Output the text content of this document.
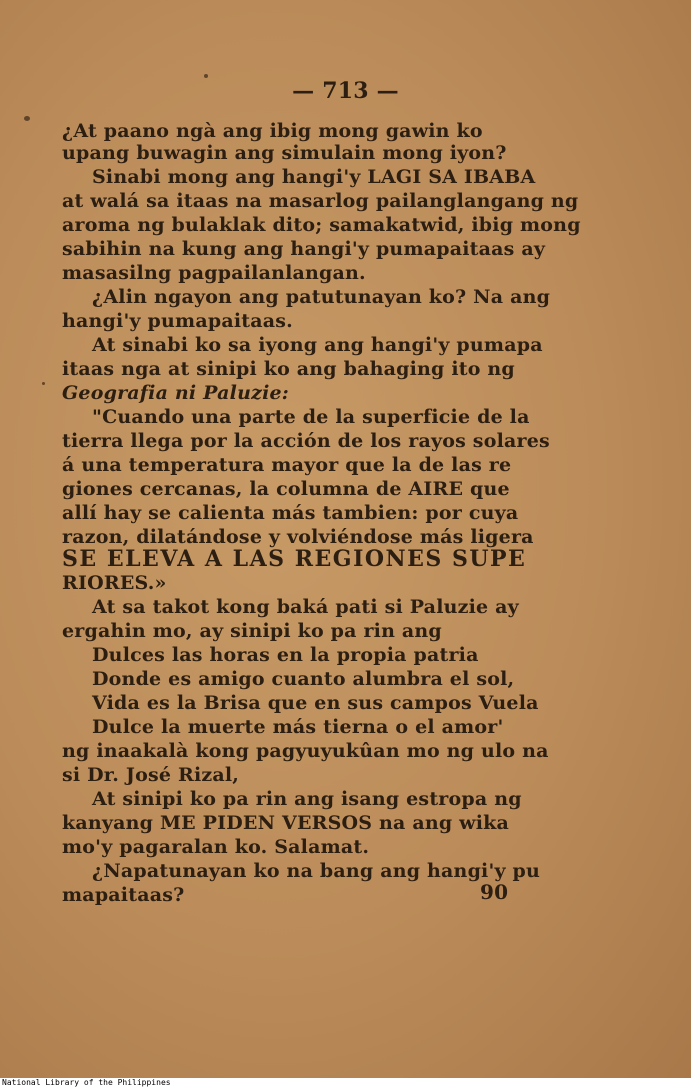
— 713 —
¿At paano ngà ang ibig mong gawin ko
upang buwagin ang simulain mong iyon?
Sinabi mong ang hangi'y LAGI SA IBABA
at walá sa itaas na masarlog pailanglangang ng
aroma ng bulaklak dito; samakatwid, ibig mong
sabihin na kung ang hangi'y pumapaitaas ay
masasilng pagpailanlangan.
¿Alin ngayon ang patutunayan ko? Na ang
hangi'y pumapaitaas.
At sinabi ko sa iyong ang hangi'y pumapa
itaas nga at sinipi ko ang bahaging ito ng
Geografia ni Paluzie:
"Cuando una parte de la superficie de la
tierra llega por la acción de los rayos solares
á una temperatura mayor que la de las re
giones cercanas, la columna de AIRE que
allí hay se calienta más tambien: por cuya
razon, dilatándose y volviéndose más ligera
SE ELEVA A LAS REGIONES SUPE
RIORES.»
At sa takot kong baká pati si Paluzie ay
ergahin mo, ay sinipi ko pa rin ang
Dulces las horas en la propia patria
Donde es amigo cuanto alumbra el sol,
Vida es la Brisa que en sus campos Vuela
Dulce la muerte más tierna o el amor'
ng inaakalà kong pagyuyukûan mo ng ulo na
si Dr. José Rizal,
At sinipi ko pa rin ang isang estropa ng
kanyang ME PIDEN VERSOS na ang wika
mo'y pagaralan ko. Salamat.
¿Napatunayan ko na bang ang hangi'y pu
mapaitaas?	90
National Library of the Philippines
